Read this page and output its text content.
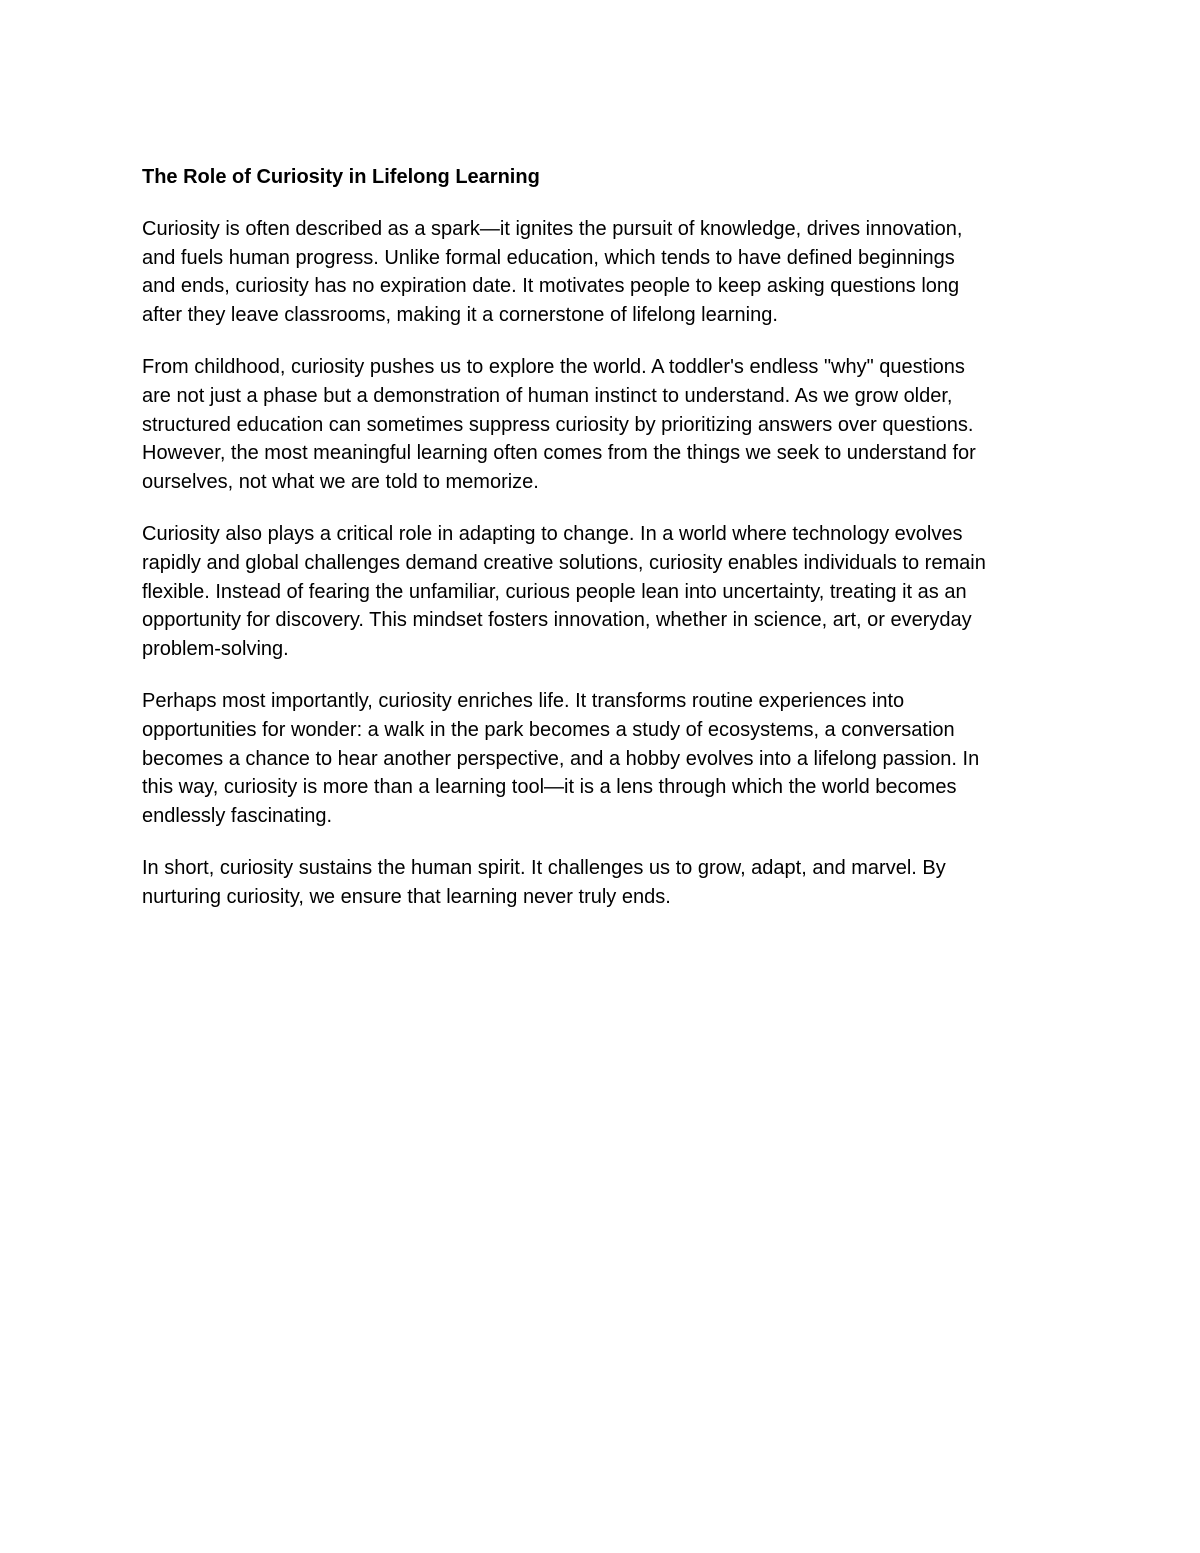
The Role of Curiosity in Lifelong Learning
Curiosity is often described as a spark—it ignites the pursuit of knowledge, drives innovation,
and fuels human progress. Unlike formal education, which tends to have defined beginnings
and ends, curiosity has no expiration date. It motivates people to keep asking questions long
after they leave classrooms, making it a cornerstone of lifelong learning.
From childhood, curiosity pushes us to explore the world. A toddler's endless "why" questions
are not just a phase but a demonstration of human instinct to understand. As we grow older,
structured education can sometimes suppress curiosity by prioritizing answers over questions.
However, the most meaningful learning often comes from the things we seek to understand for
ourselves, not what we are told to memorize.
Curiosity also plays a critical role in adapting to change. In a world where technology evolves
rapidly and global challenges demand creative solutions, curiosity enables individuals to remain
flexible. Instead of fearing the unfamiliar, curious people lean into uncertainty, treating it as an
opportunity for discovery. This mindset fosters innovation, whether in science, art, or everyday
problem-solving.
Perhaps most importantly, curiosity enriches life. It transforms routine experiences into
opportunities for wonder: a walk in the park becomes a study of ecosystems, a conversation
becomes a chance to hear another perspective, and a hobby evolves into a lifelong passion. In
this way, curiosity is more than a learning tool—it is a lens through which the world becomes
endlessly fascinating.
In short, curiosity sustains the human spirit. It challenges us to grow, adapt, and marvel. By
nurturing curiosity, we ensure that learning never truly ends.
